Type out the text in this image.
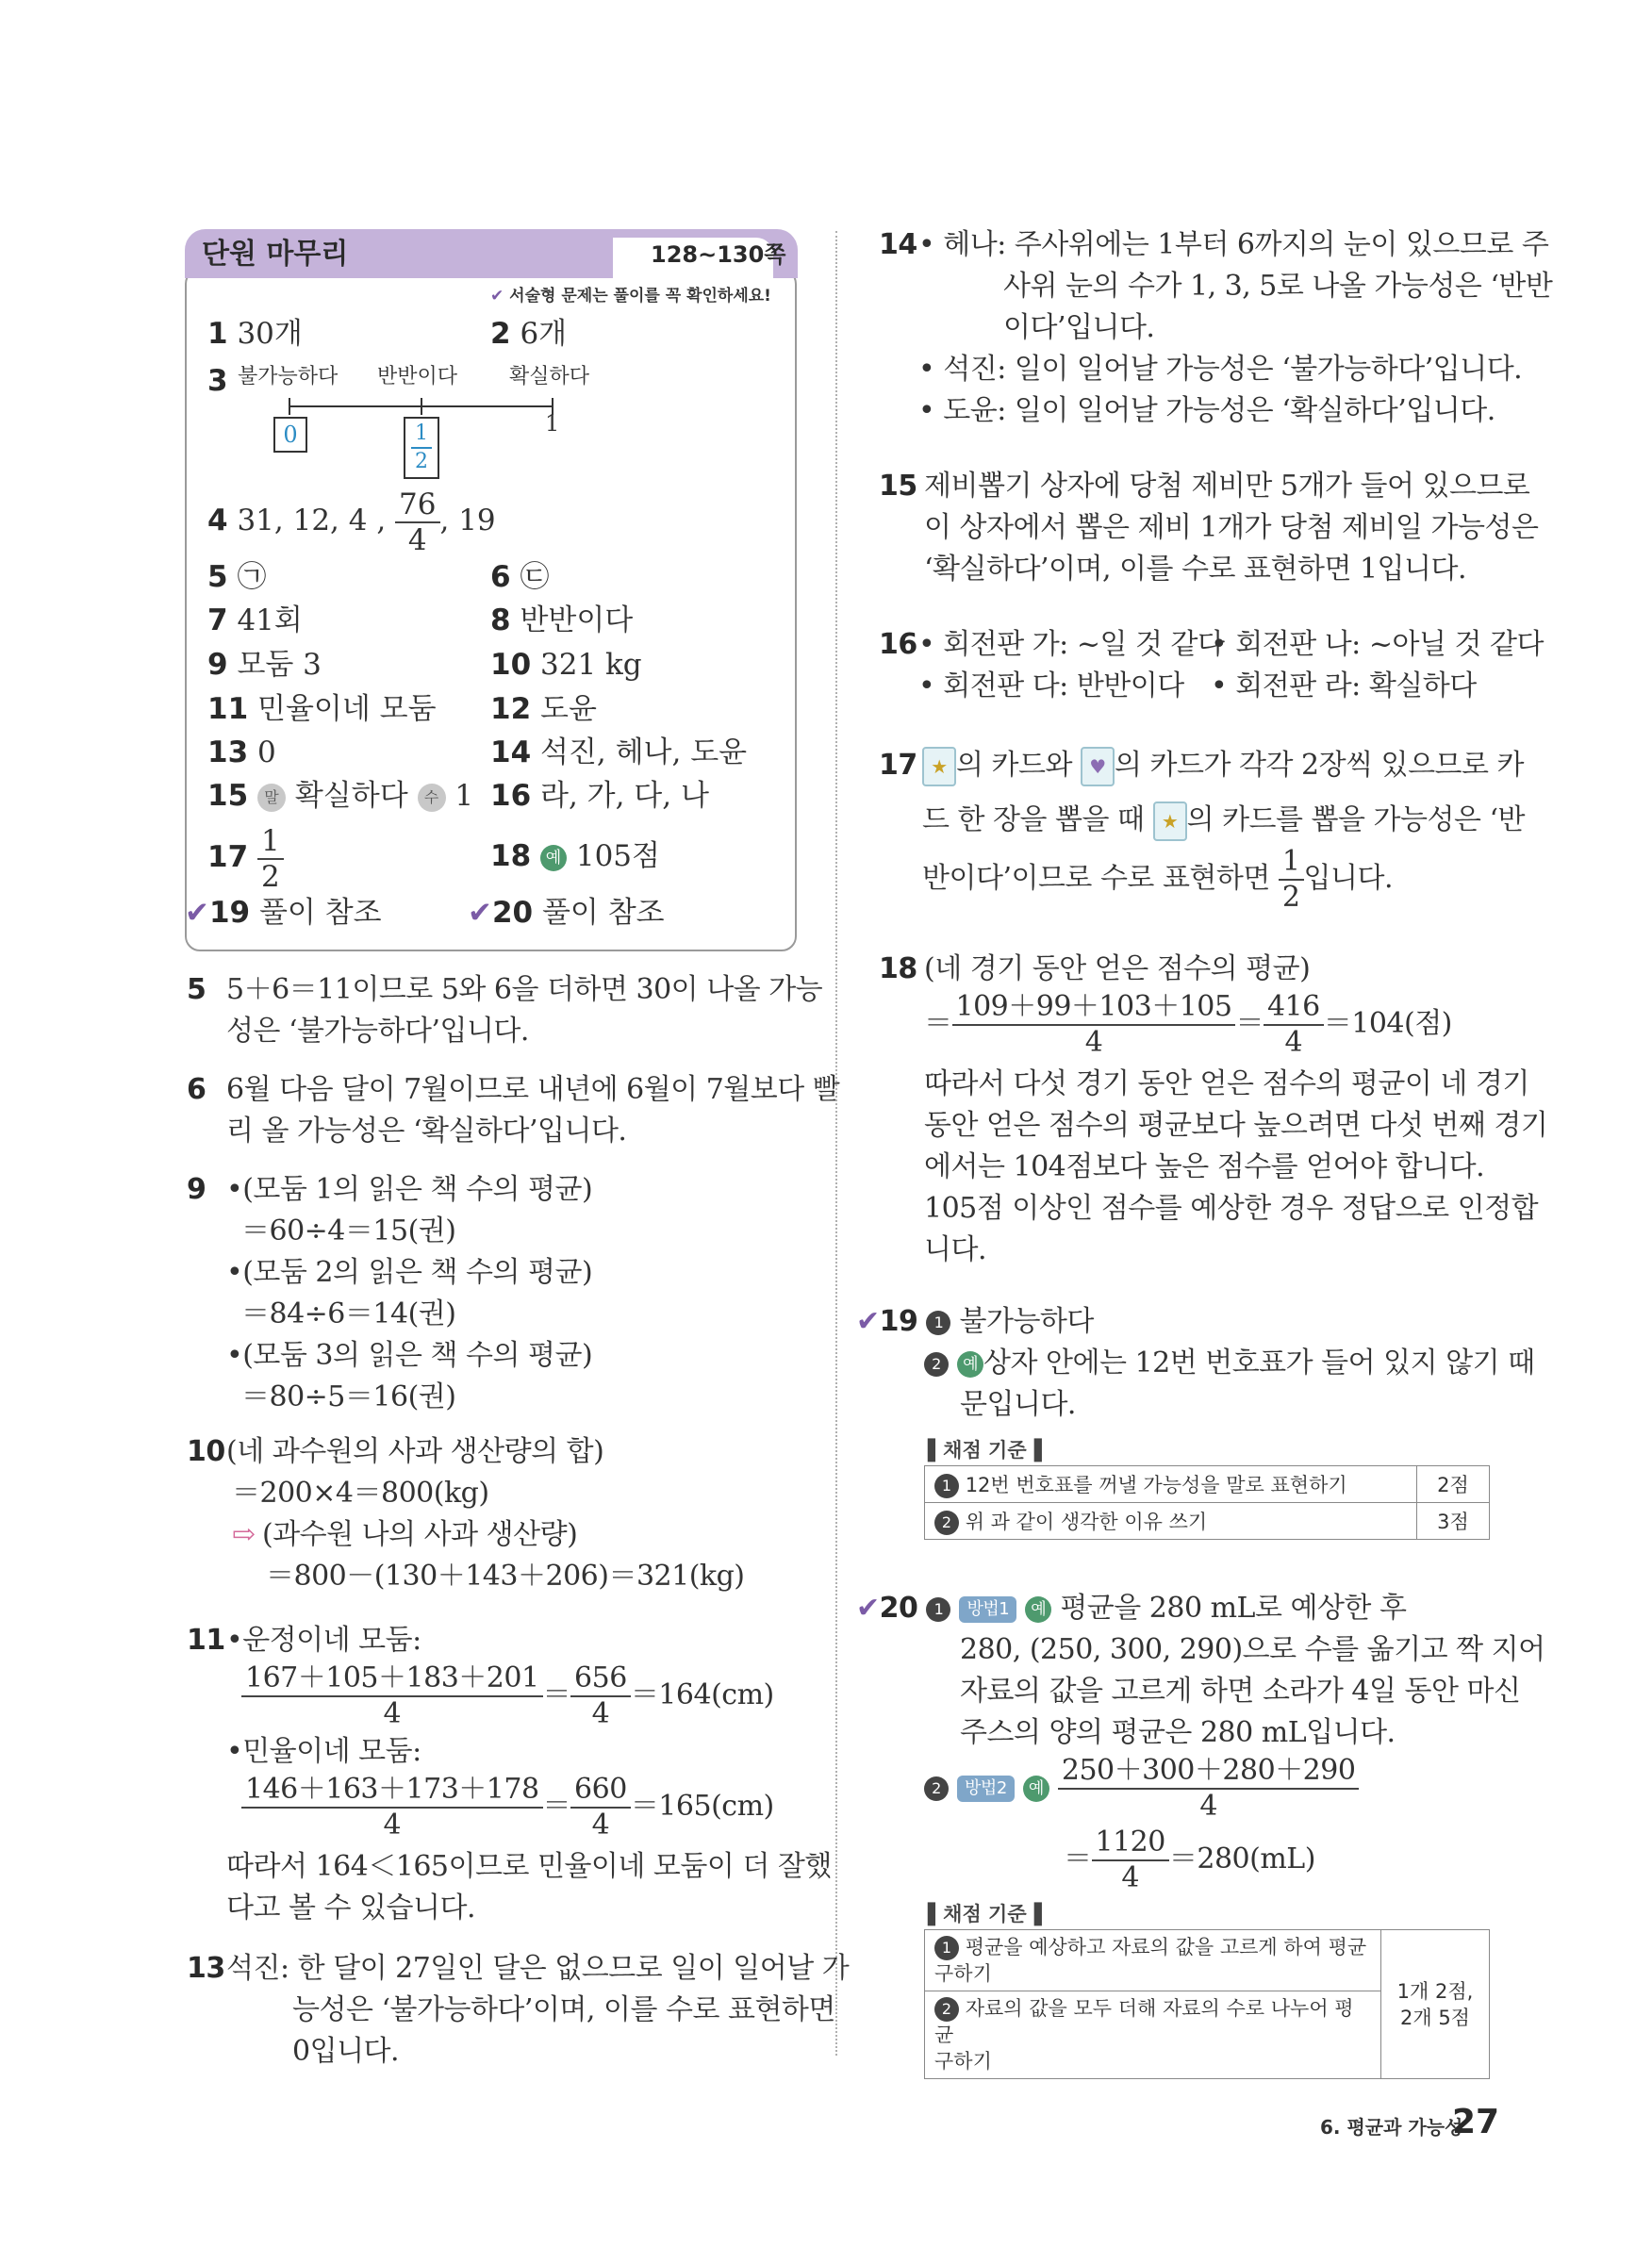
단원 마무리	128~130쪽
✔ 서술형 문제는 풀이를 꼭 확인하세요!
1 30개	2 6개
3 불가능하다 반반이다 확실하다
0	$\frac{1}{2}$	1
4 31, 12, 4 , $\frac{76}{4}$ , 19
5 ㉠	6 ㉢
7 41회	8 반반이다
9 모둠 3	10 321 kg
11 민율이네 모둠 12 도윤
13 0	14 석진, 헤나, 도윤
15 말 확실하다 수 1 16 라, 가, 다, 나
$17 \frac{1}{2}$	18 예 105점
✔19 풀이 참조	✔20 풀이 참조
5 5＋6＝11이므로 5와 6을 더하면 30이 나올 가능
성은 ‘불가능하다’입니다.
6 6월 다음 달이 7월이므로 내년에 6월이 7월보다 빨
리 올 가능성은 ‘확실하다’입니다.
9 •(모둠 1의 읽은 책 수의 평균)
＝60÷4＝15(권)
•(모둠 2의 읽은 책 수의 평균)
＝84÷6＝14(권)
•(모둠 3의 읽은 책 수의 평균)
＝80÷5＝16(권)
10 (네 과수원의 사과 생산량의 합)
＝200×4＝800(kg)
⇨ (과수원 나의 사과 생산량)
＝800－(130＋143＋206)＝321(kg)
11 •운정이네 모둠:
$\frac{167+105+183+201}{4} = \frac{656}{4} =164(cm)$
•민율이네 모둠:
$\frac{146+163+173+178}{4} = \frac{660}{4} =165(cm)$
따라서 164＜165이므로 민율이네 모둠이 더 잘했
다고 볼 수 있습니다.
13 석진: 한 달이 27일인 달은 없으므로 일이 일어날 가
능성은 ‘불가능하다’이며, 이를 수로 표현하면
0입니다.
14 • 헤나: 주사위에는 1부터 6까지의 눈이 있으므로 주
사위 눈의 수가 1, 3, 5로 나올 가능성은 ‘반반
이다’입니다.
• 석진: 일이 일어날 가능성은 ‘불가능하다’입니다.
• 도윤: 일이 일어날 가능성은 ‘확실하다’입니다.
15 제비뽑기 상자에 당첨 제비만 5개가 들어 있으므로
이 상자에서 뽑은 제비 1개가 당첨 제비일 가능성은
‘확실하다’이며, 이를 수로 표현하면 1입니다.
16 • 회전판 가: ~일 것 같다
• 회전판 나: ~아닐 것 같다
• 회전판 다: 반반이다 • 회전판 라: 확실하다
17 ★ 의 카드와 ♥ 의 카드가 각각 2장씩 있으므로 카
드 한 장을 뽑을 때 ★ 의 카드를 뽑을 가능성은 ‘반
반이다’이므로 수로 표현하면 $\frac{1}{2}$ 입니다.
18 (네 경기 동안 얻은 점수의 평균)
＝ $\frac{109+99+103+105}{4} = \frac{416}{4} =104$(점)
따라서 다섯 경기 동안 얻은 점수의 평균이 네 경기
동안 얻은 점수의 평균보다 높으려면 다섯 번째 경기
에서는 104점보다 높은 점수를 얻어야 합니다.
105점 이상인 점수를 예상한 경우 정답으로 인정합
니다.
✔19 1 불가능하다
2 예 상자 안에는 12번 번호표가 들어 있지 않기 때
문입니다.
▌채점 기준▐
1 12번 번호표를 꺼낼 가능성을 말로 표현하기	2점
2 위 과 같이 생각한 이유 쓰기	3점
✔20 1 방법1 예 평균을 280 mL로 예상한 후
280, (250, 300, 290)으로 수를 옮기고 짝 지어
자료의 값을 고르게 하면 소라가 4일 동안 마신
주스의 양의 평균은 280 mL입니다.
2 방법2 예 $\frac{250+300+280+290}{4}$
＝ $\frac{1120}{4} =280(mL)$
▌채점 기준▐
1 평균을 예상하고 자료의 값을 고르게 하여 평균
구하기	1개 2점,
2개 5점
2 자료의 값을 모두 더해 자료의 수로 나누어 평균
구하기
6. 평균과 가능성
27
